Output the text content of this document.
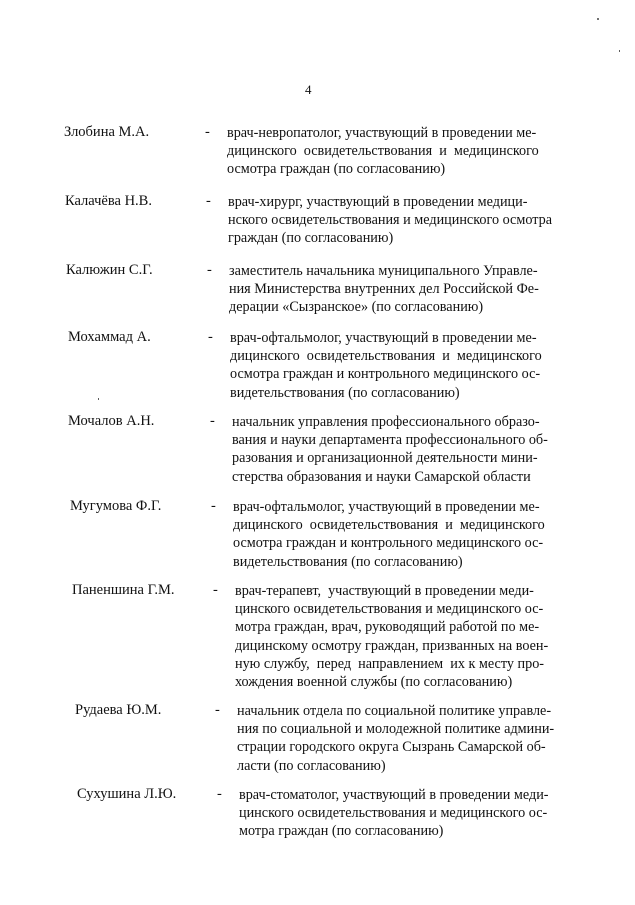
4
Злобина М.А.	- врач-невропатолог, участвующий в проведении ме-
дицинского  освидетельствования  и  медицинского
осмотра граждан (по согласованию)
Калачёва Н.В.	- врач-хирург, участвующий в проведении медици-
нского освидетельствования и медицинского осмотра
граждан (по согласованию)
Калюжин С.Г.	- заместитель начальника муниципального Управле-
ния Министерства внутренних дел Российской Фе-
дерации «Сызранское» (по согласованию)
Мохаммад А.	- врач-офтальмолог, участвующий в проведении ме-
дицинского  освидетельствования  и  медицинского
осмотра граждан и контрольного медицинского ос-
видетельствования (по согласованию)
Мочалов А.Н.	- начальник управления профессионального образо-
вания и науки департамента профессионального об-
разования и организационной деятельности мини-
стерства образования и науки Самарской области
Мугумова Ф.Г.	- врач-офтальмолог, участвующий в проведении ме-
дицинского  освидетельствования  и  медицинского
осмотра граждан и контрольного медицинского ос-
видетельствования (по согласованию)
Паненшина Г.М.	- врач-терапевт,  участвующий в проведении меди-
цинского освидетельствования и медицинского ос-
мотра граждан, врач, руководящий работой по ме-
дицинскому осмотру граждан, призванных на воен-
ную службу,  перед  направлением  их к месту про-
хождения военной службы (по согласованию)
Рудаева Ю.М.	- начальник отдела по социальной политике управле-
ния по социальной и молодежной политике админи-
страции городского округа Сызрань Самарской об-
ласти (по согласованию)
Сухушина Л.Ю.	- врач-стоматолог, участвующий в проведении меди-
цинского освидетельствования и медицинского ос-
мотра граждан (по согласованию)
